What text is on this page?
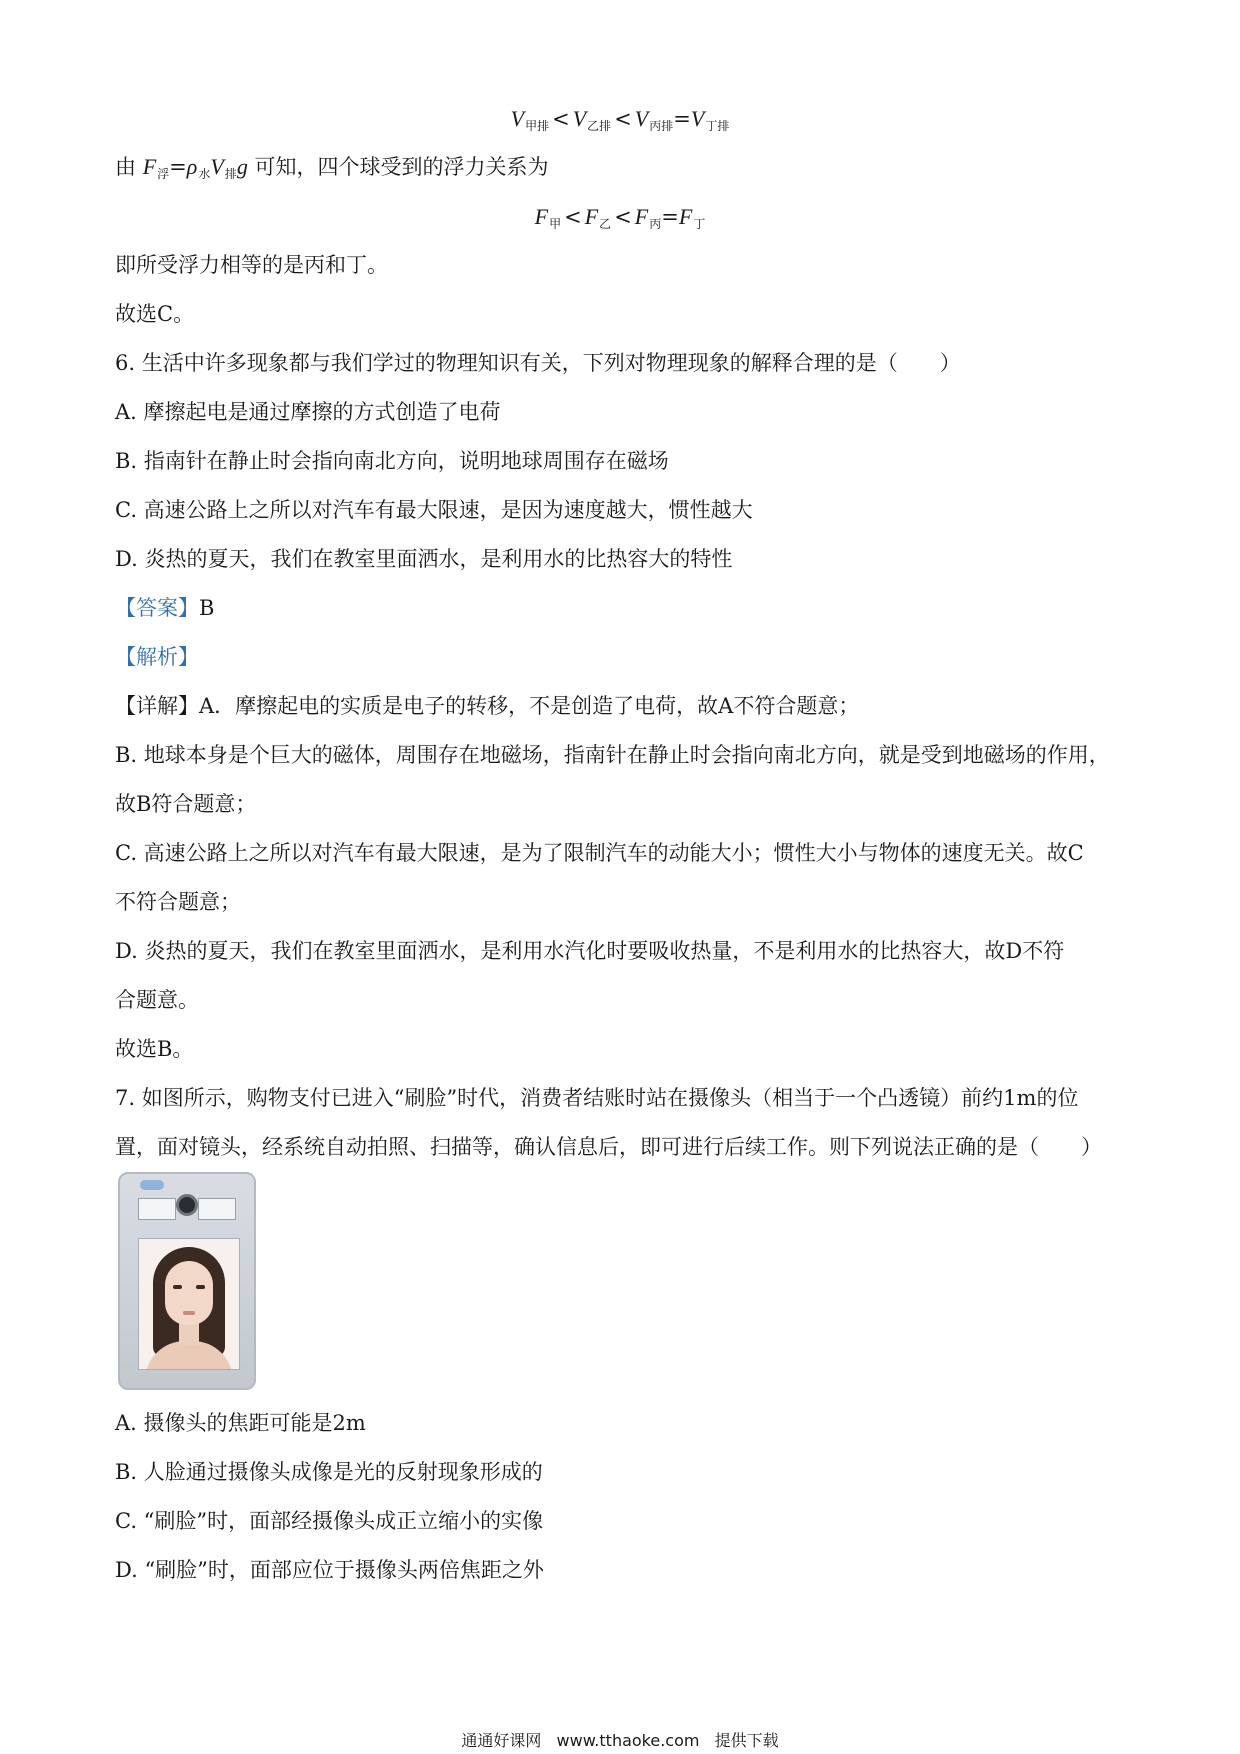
$V_{甲排} < V_{乙排} < V_{丙排}=V_{丁排}$
由 $F_浮=\rho_水V_排g$ 可知，四个球受到的浮力关系为
$F_甲 < F_乙 < F_丙=F_丁$
即所受浮力相等的是丙和丁。
故选C。
6. 生活中许多现象都与我们学过的物理知识有关，下列对物理现象的解释合理的是（　　）
A. 摩擦起电是通过摩擦的方式创造了电荷
B. 指南针在静止时会指向南北方向，说明地球周围存在磁场
C. 高速公路上之所以对汽车有最大限速，是因为速度越大，惯性越大
D. 炎热的夏天，我们在教室里面洒水，是利用水的比热容大的特性
【答案】B
【解析】
【详解】A．摩擦起电的实质是电子的转移，不是创造了电荷，故A不符合题意；
B. 地球本身是个巨大的磁体，周围存在地磁场，指南针在静止时会指向南北方向，就是受到地磁场的作用，
故B符合题意；
C. 高速公路上之所以对汽车有最大限速，是为了限制汽车的动能大小；惯性大小与物体的速度无关。故C
不符合题意；
D. 炎热的夏天，我们在教室里面洒水，是利用水汽化时要吸收热量，不是利用水的比热容大，故D不符
合题意。
故选B。
7. 如图所示，购物支付已进入“刷脸”时代，消费者结账时站在摄像头（相当于一个凸透镜）前约1m的位
置，面对镜头，经系统自动拍照、扫描等，确认信息后，即可进行后续工作。则下列说法正确的是（　　）
A. 摄像头的焦距可能是2m
B. 人脸通过摄像头成像是光的反射现象形成的
C. “刷脸”时，面部经摄像头成正立缩小的实像
D. “刷脸”时，面部应位于摄像头两倍焦距之外
通通好课网 www.tthaoke.com 提供下载
